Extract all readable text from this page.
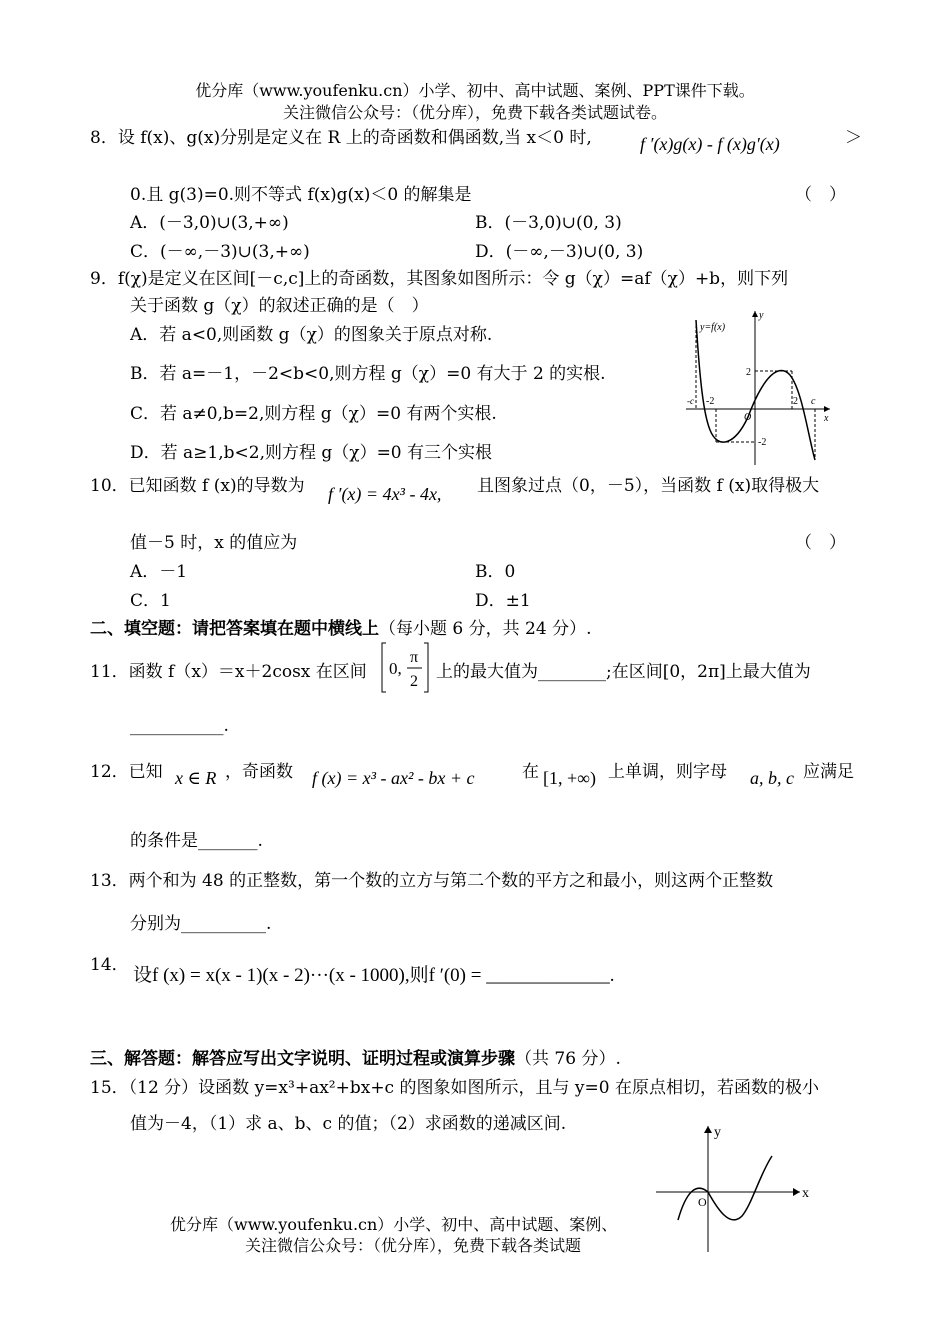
优分库（www.youfenku.cn）小学、初中、高中试题、案例、PPT课件下载。
关注微信公众号：（优分库），免费下载各类试题试卷。
8．设 f(x)、g(x)分别是定义在 R 上的奇函数和偶函数,当 x＜0 时,	f ′(x)g(x) - f (x)g′(x)	＞
0.且 g(3)=0.则不等式 f(x)g(x)＜0 的解集是	（　）
A．(－3,0)∪(3,+∞)	B．(－3,0)∪(0, 3)
C．(－∞,－3)∪(3,+∞)	D．(－∞,－3)∪(0, 3)
9．f(χ)是定义在区间[－c,c]上的奇函数，其图象如图所示：令 g（χ）=af（χ）+b，则下列
关于函数 g（χ）的叙述正确的是（　）
A．若 a<0,则函数 g（χ）的图象关于原点对称.
B．若 a=－1，－2<b<0,则方程 g（χ）=0 有大于 2 的实根.
C．若 a≠0,b=2,则方程 g（χ）=0 有两个实根.
D．若 a≥1,b<2,则方程 g（χ）=0 有三个实根
y=f(x)
y
x
O
2
2 c
-c -2
-2
10．已知函数 f (x)的导数为 f ′(x) = 4x³ - 4x, 且图象过点（0，－5），当函数 f (x)取得极大
值－5 时，x 的值应为	（　）
A．－1	B．0
C．1	D．±1
二、填空题：请把答案填在题中横线上（每小题 6 分，共 24 分）.
11．函数 f（x）＝x＋2cosx 在区间 0,
π
2 上的最大值为________;在区间[0，2π]上最大值为
___________.
12．已知 x ∈ R ，奇函数 f (x) = x³ - ax² - bx + c	在 [1, +∞) 上单调，则字母 a, b, c 应满足
的条件是_______.
13．两个和为 48 的正整数，第一个数的立方与第二个数的平方之和最小，则这两个正整数
分别为__________.
14． 设f (x) = x(x - 1)(x - 2)···(x - 1000),则f ′(0) = _____________.
三、解答题：解答应写出文字说明、证明过程或演算步骤（共 76 分）.
15．（12 分）设函数 y=x³+ax²+bx+c 的图象如图所示，且与 y=0 在原点相切，若函数的极小
值为－4，（1）求 a、b、c 的值；（2）求函数的递减区间.	y
x
O
优分库（www.youfenku.cn）小学、初中、高中试题、案例、
关注微信公众号：（优分库），免费下载各类试题
